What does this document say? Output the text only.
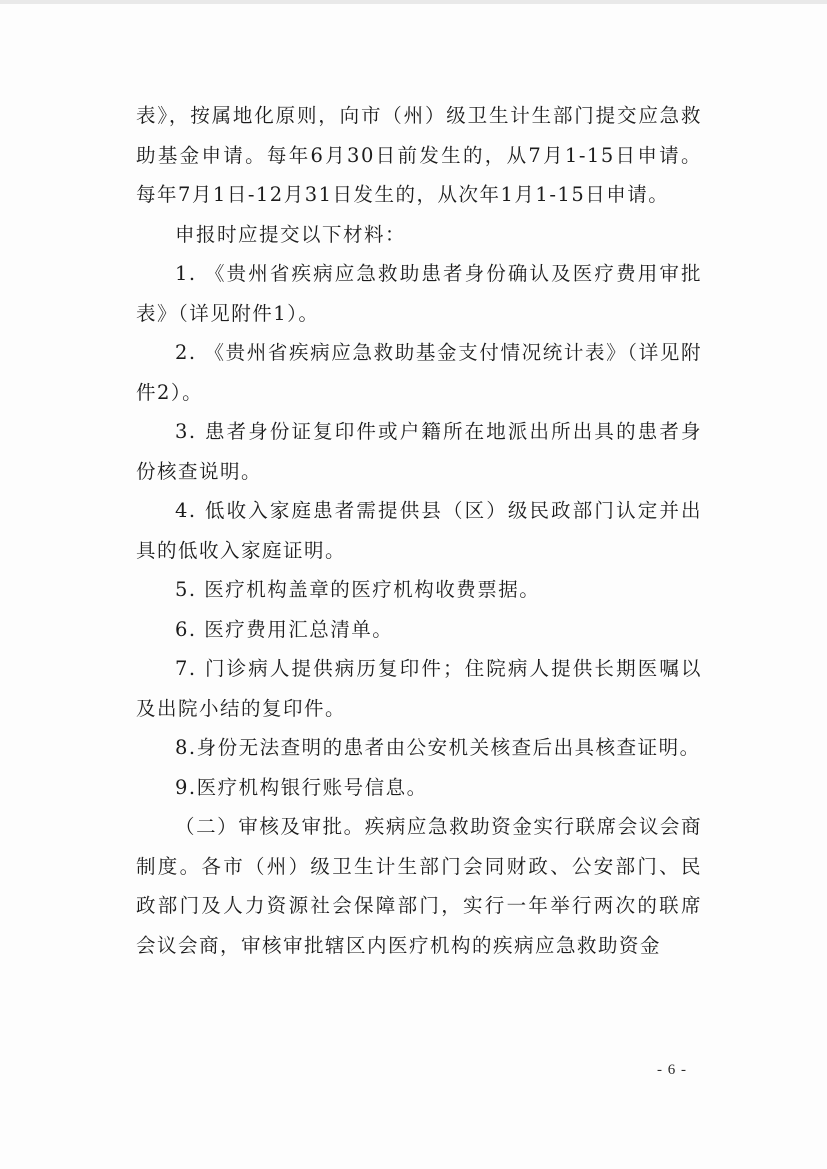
表》，按属地化原则，向市（州）级卫生计生部门提交应急救助基金申请。每年6月30日前发生的，从7月1-15日申请。每年7月1日-12月31日发生的，从次年1月1-15日申请。

申报时应提交以下材料：

1. 《贵州省疾病应急救助患者身份确认及医疗费用审批表》（详见附件1）。

2. 《贵州省疾病应急救助基金支付情况统计表》（详见附件2）。

3. 患者身份证复印件或户籍所在地派出所出具的患者身份核查说明。

4. 低收入家庭患者需提供县（区）级民政部门认定并出具的低收入家庭证明。

5. 医疗机构盖章的医疗机构收费票据。

6. 医疗费用汇总清单。

7. 门诊病人提供病历复印件；住院病人提供长期医嘱以及出院小结的复印件。

8.身份无法查明的患者由公安机关核查后出具核查证明。

9.医疗机构银行账号信息。

（二）审核及审批。疾病应急救助资金实行联席会议会商制度。各市（州）级卫生计生部门会同财政、公安部门、民政部门及人力资源社会保障部门，实行一年举行两次的联席会议会商，审核审批辖区内医疗机构的疾病应急救助资金

- 6 -
